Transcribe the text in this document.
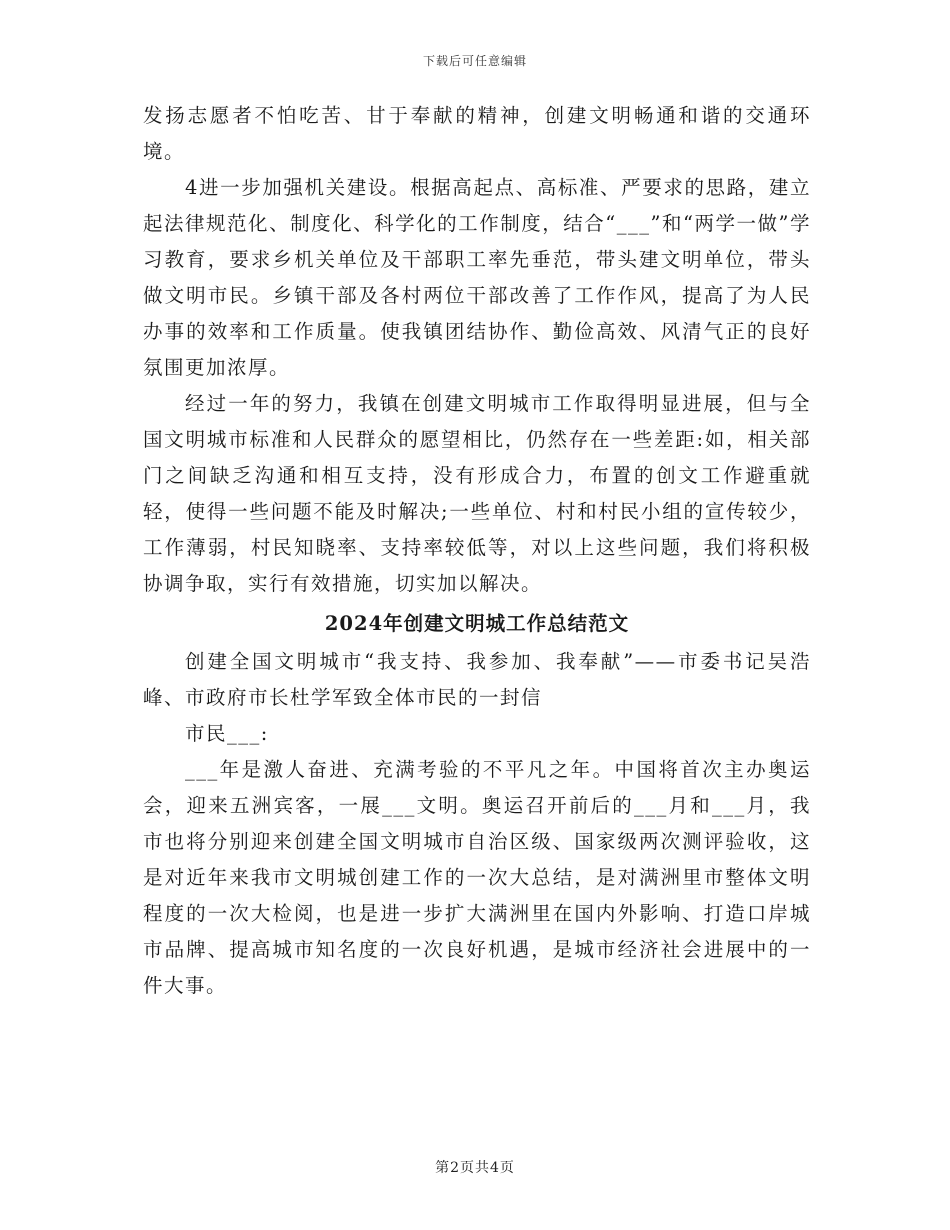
下载后可任意编辑

发扬志愿者不怕吃苦、甘于奉献的精神，创建文明畅通和谐的交通环境。

4进一步加强机关建设。根据高起点、高标准、严要求的思路，建立起法律规范化、制度化、科学化的工作制度，结合“___”和“两学一做”学习教育，要求乡机关单位及干部职工率先垂范，带头建文明单位，带头做文明市民。乡镇干部及各村两位干部改善了工作作风，提高了为人民办事的效率和工作质量。使我镇团结协作、勤俭高效、风清气正的良好氛围更加浓厚。

经过一年的努力，我镇在创建文明城市工作取得明显进展，但与全国文明城市标准和人民群众的愿望相比，仍然存在一些差距:如，相关部门之间缺乏沟通和相互支持，没有形成合力，布置的创文工作避重就轻，使得一些问题不能及时解决;一些单位、村和村民小组的宣传较少，工作薄弱，村民知晓率、支持率较低等，对以上这些问题，我们将积极协调争取，实行有效措施，切实加以解决。

2024年创建文明城工作总结范文

创建全国文明城市“我支持、我参加、我奉献”——市委书记吴浩峰、市政府市长杜学军致全体市民的一封信

市民___:

___年是激人奋进、充满考验的不平凡之年。中国将首次主办奥运会，迎来五洲宾客，一展___文明。奥运召开前后的___月和___月，我市也将分别迎来创建全国文明城市自治区级、国家级两次测评验收，这是对近年来我市文明城创建工作的一次大总结，是对满洲里市整体文明程度的一次大检阅，也是进一步扩大满洲里在国内外影响、打造口岸城市品牌、提高城市知名度的一次良好机遇，是城市经济社会进展中的一件大事。

第2页共4页
